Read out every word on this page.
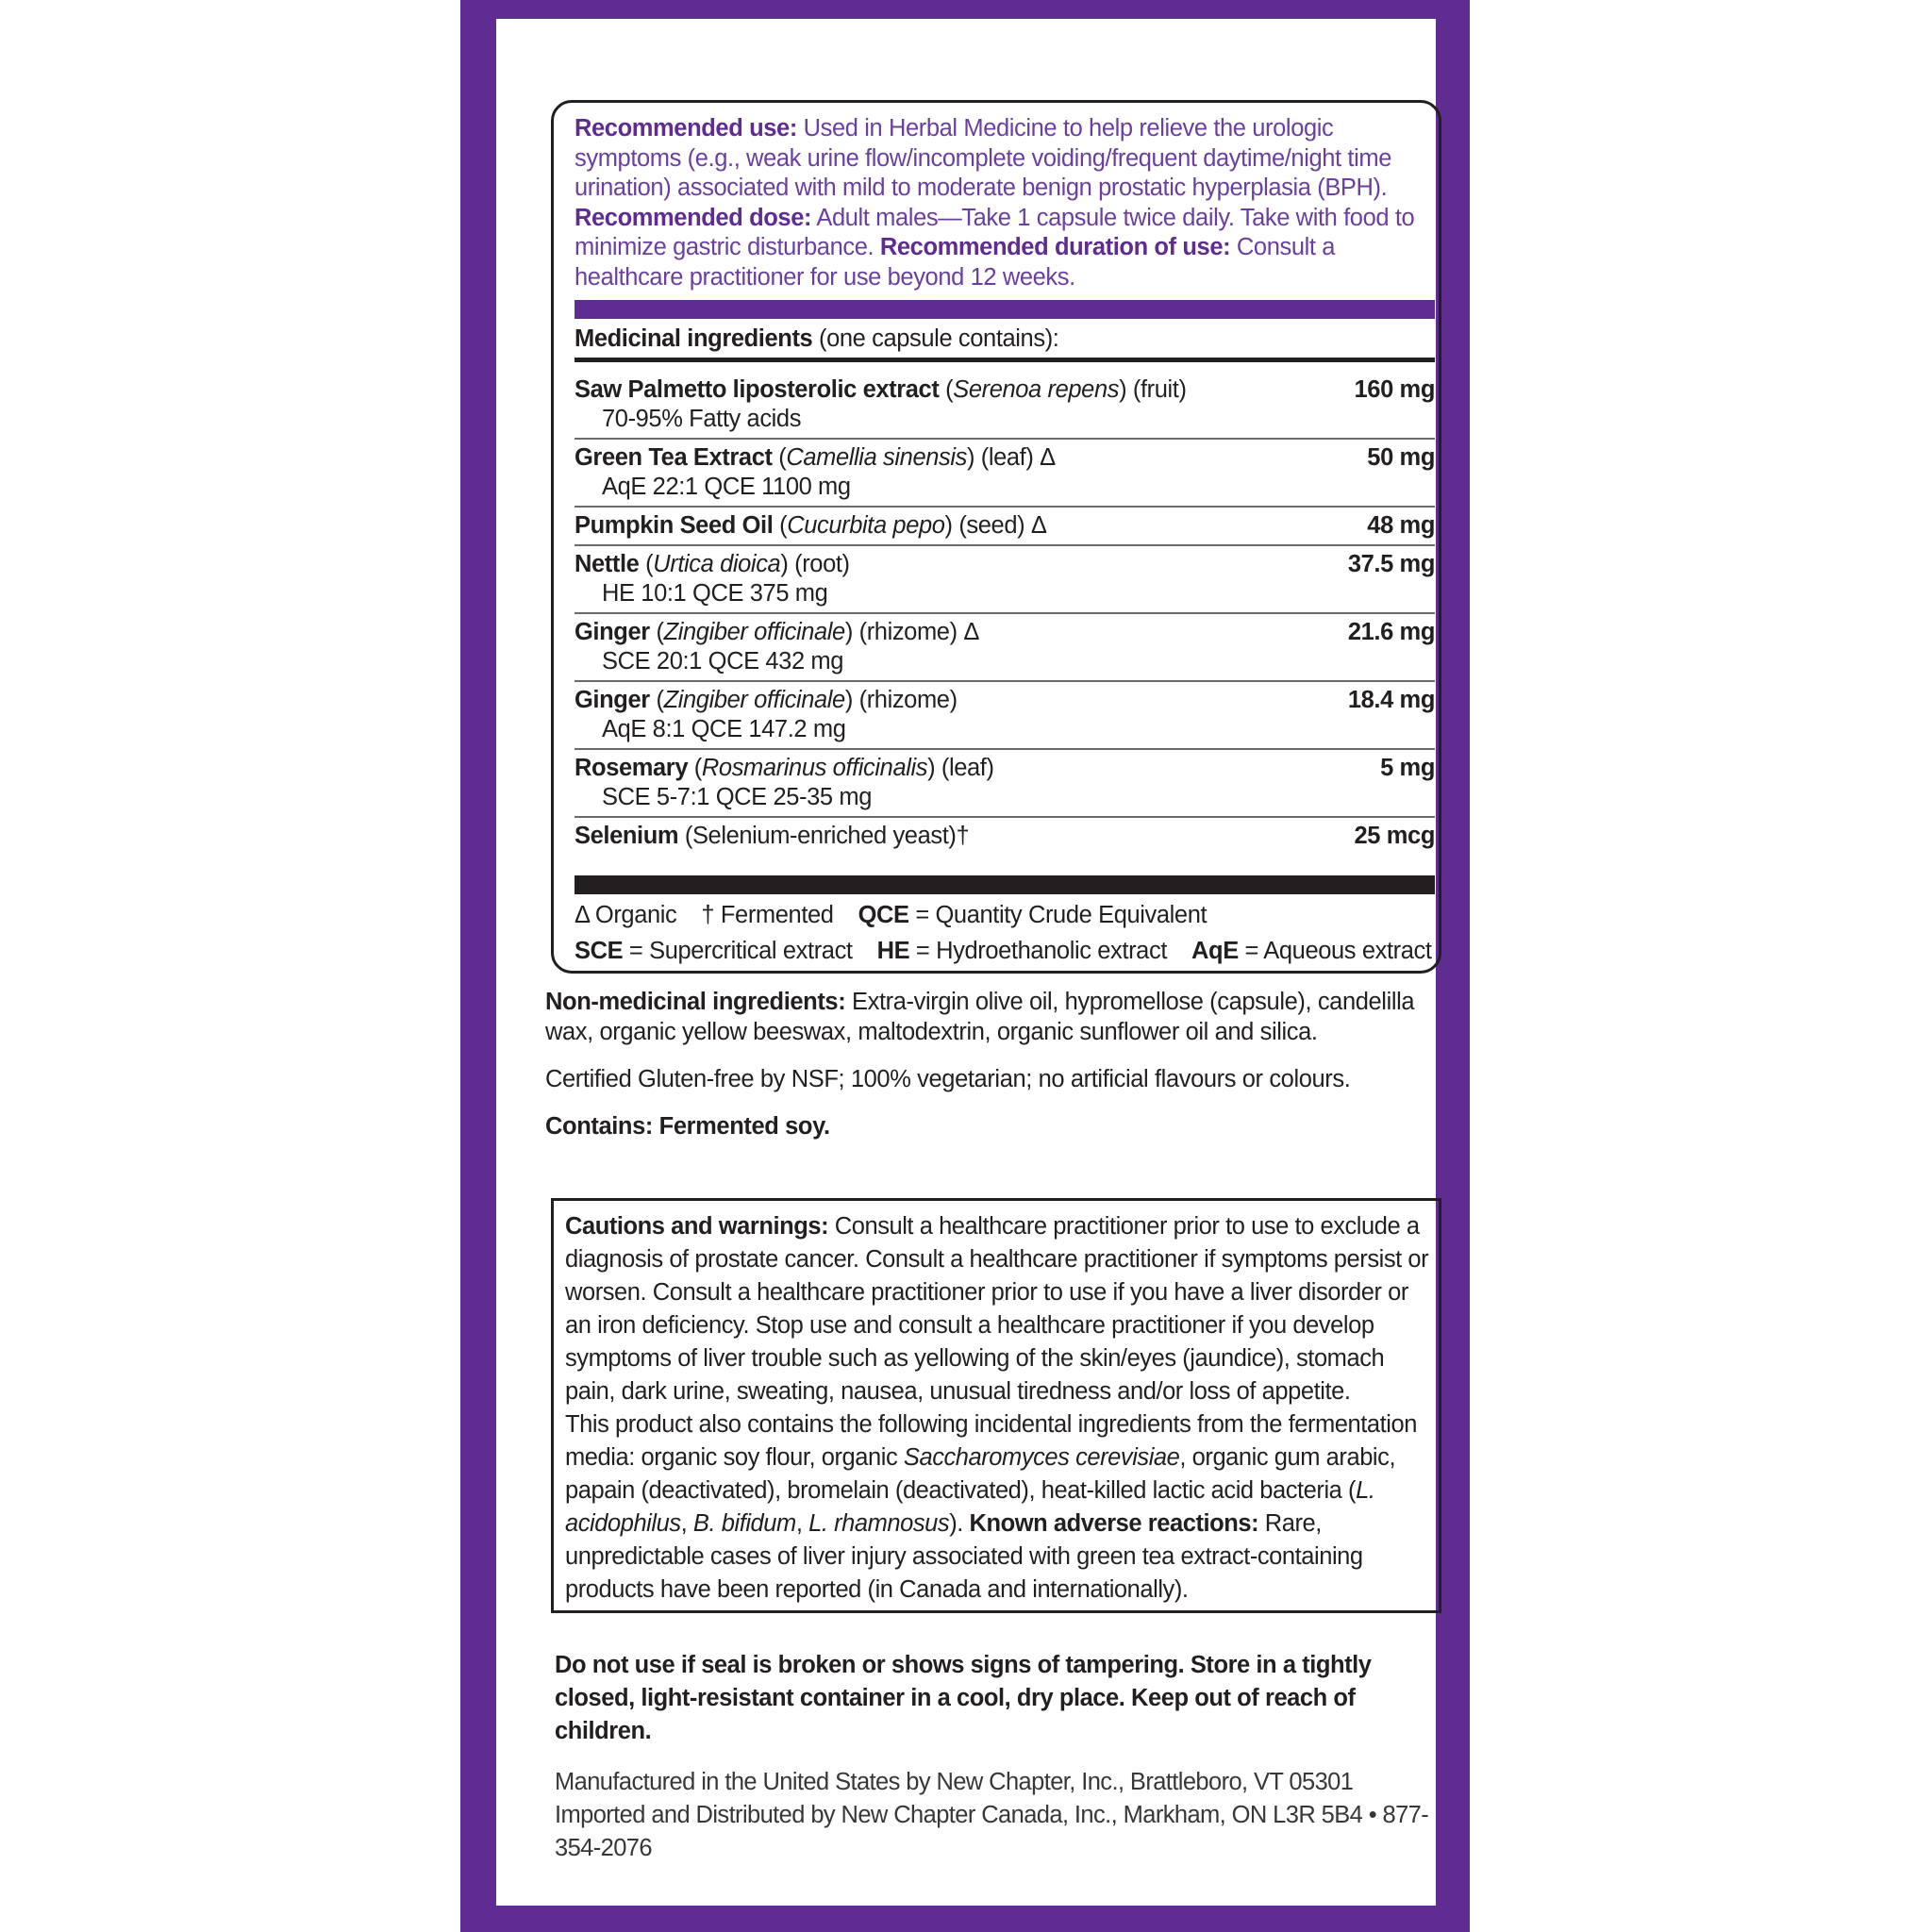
Recommended use: Used in Herbal Medicine to help relieve the urologic symptoms (e.g., weak urine flow/incomplete voiding/frequent daytime/night time urination) associated with mild to moderate benign prostatic hyperplasia (BPH). Recommended dose: Adult males—Take 1 capsule twice daily. Take with food to minimize gastric disturbance. Recommended duration of use: Consult a healthcare practitioner for use beyond 12 weeks.
Medicinal ingredients (one capsule contains):
Saw Palmetto liposterolic extract (Serenoa repens) (fruit)	160 mg
70-95% Fatty acids
Green Tea Extract (Camellia sinensis) (leaf) Δ	50 mg
AqE 22:1 QCE 1100 mg
Pumpkin Seed Oil (Cucurbita pepo) (seed) Δ	48 mg
Nettle (Urtica dioica) (root)	37.5 mg
HE 10:1 QCE 375 mg
Ginger (Zingiber officinale) (rhizome) Δ	21.6 mg
SCE 20:1 QCE 432 mg
Ginger (Zingiber officinale) (rhizome)	18.4 mg
AqE 8:1 QCE 147.2 mg
Rosemary (Rosmarinus officinalis) (leaf)	5 mg
SCE 5-7:1 QCE 25-35 mg
Selenium (Selenium-enriched yeast)†	25 mcg
Δ Organic † Fermented QCE = Quantity Crude Equivalent
SCE = Supercritical extract HE = Hydroethanolic extract AqE = Aqueous extract
Non-medicinal ingredients: Extra-virgin olive oil, hypromellose (capsule), candelilla wax, organic yellow beeswax, maltodextrin, organic sunflower oil and silica.
Certified Gluten-free by NSF; 100% vegetarian; no artificial flavours or colours.
Contains: Fermented soy.
Cautions and warnings: Consult a healthcare practitioner prior to use to exclude a diagnosis of prostate cancer. Consult a healthcare practitioner if symptoms persist or worsen. Consult a healthcare practitioner prior to use if you have a liver disorder or an iron deficiency. Stop use and consult a healthcare practitioner if you develop symptoms of liver trouble such as yellowing of the skin/eyes (jaundice), stomach pain, dark urine, sweating, nausea, unusual tiredness and/or loss of appetite.
This product also contains the following incidental ingredients from the fermentation media: organic soy flour, organic Saccharomyces cerevisiae, organic gum arabic, papain (deactivated), bromelain (deactivated), heat-killed lactic acid bacteria (L. acidophilus, B. bifidum, L. rhamnosus). Known adverse reactions: Rare, unpredictable cases of liver injury associated with green tea extract-containing products have been reported (in Canada and internationally).
Do not use if seal is broken or shows signs of tampering. Store in a tightly closed, light-resistant container in a cool, dry place. Keep out of reach of children.
Manufactured in the United States by New Chapter, Inc., Brattleboro, VT 05301
Imported and Distributed by New Chapter Canada, Inc., Markham, ON L3R 5B4 • 877-354-2076
